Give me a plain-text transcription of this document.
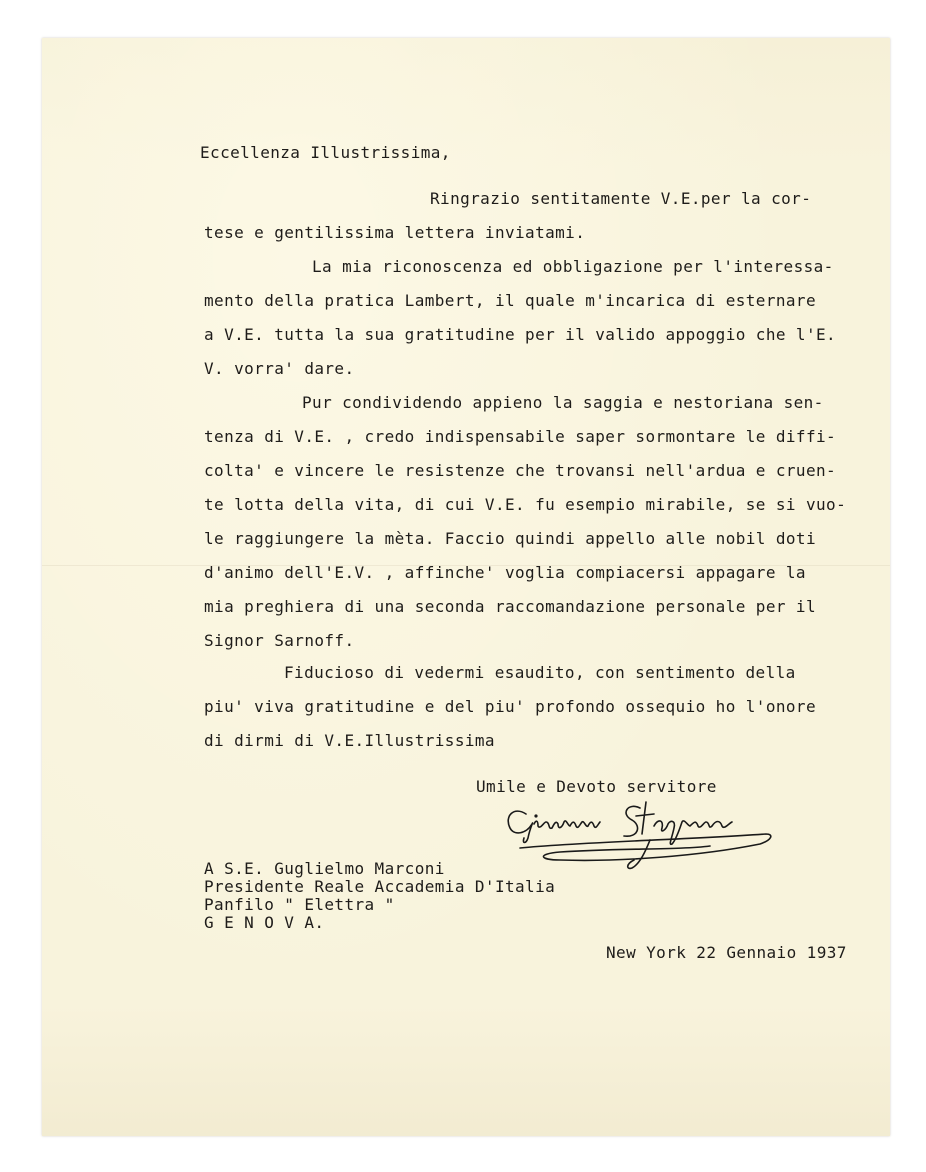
Eccellenza Illustrissima,
Ringrazio sentitamente V.E.per la cor-
tese e gentilissima lettera inviatami.
La mia riconoscenza ed obbligazione per l'interessa-
mento della pratica Lambert, il quale m'incarica di esternare
a V.E. tutta la sua gratitudine per il valido appoggio che l'E.
V. vorra' dare.
Pur condividendo appieno la saggia e nestoriana sen-
tenza di V.E. , credo indispensabile saper sormontare le diffi-
colta' e vincere le resistenze che trovansi nell'ardua e cruen-
te lotta della vita, di cui V.E. fu esempio mirabile, se si vuo-
le raggiungere la mèta. Faccio quindi appello alle nobil doti
d'animo dell'E.V. , affinche' voglia compiacersi appagare la
mia preghiera di una seconda raccomandazione personale per il
Signor Sarnoff.
Fiducioso di vedermi esaudito, con sentimento della
piu' viva gratitudine e del piu' profondo ossequio ho l'onore
di dirmi di V.E.Illustrissima
Umile e Devoto servitore
A S.E. Guglielmo Marconi
Presidente Reale Accademia D'Italia
Panfilo " Elettra "
G E N O V A.
New York 22 Gennaio 1937
